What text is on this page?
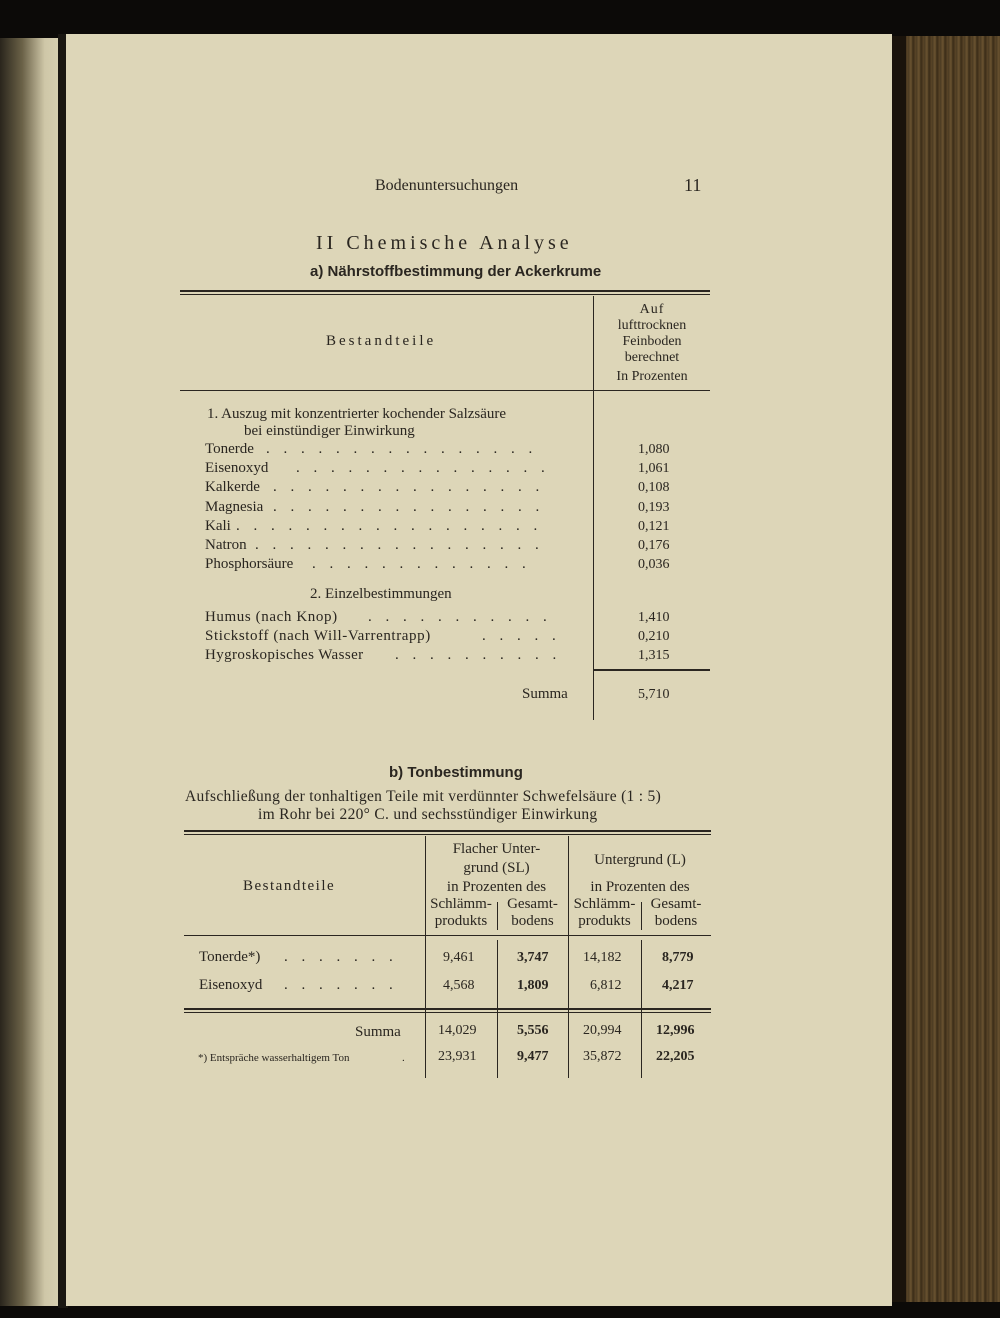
Bodenuntersuchungen	11
II Chemische Analyse
a) Nährstoffbestimmung der Ackerkrume
Bestandteile
Auf
lufttrocknen
Feinboden
berechnet
In Prozenten
1. Auszug mit konzentrierter kochender Salzsäure
bei einstündiger Einwirkung
Tonerde . . . . . . . . . . . . . . . .	1,080
Eisenoxyd . . . . . . . . . . . . . . .	1,061
Kalkerde . . . . . . . . . . . . . . . .	0,108
Magnesia . . . . . . . . . . . . . . . .	0,193
Kali . . . . . . . . . . . . . . . . . .	0,121
Natron . . . . . . . . . . . . . . . . .	0,176
Phosphorsäure . . . . . . . . . . . . .	0,036
2. Einzelbestimmungen
Humus (nach Knop) . . . . . . . . . . .	1,410
Stickstoff (nach Will-Varrentrapp)	. . . . .	0,210
Hygroskopisches Wasser . . . . . . . . . .	1,315
Summa	5,710
b) Tonbestimmung
Aufschließung der tonhaltigen Teile mit verdünnter Schwefelsäure (1 : 5)
im Rohr bei 220° C. und sechsstündiger Einwirkung
Bestandteile
Flacher Unter-
grund (SL)	Untergrund (L)
in Prozenten des	in Prozenten des
Schlämm-
produkts
Gesamt-
bodens
Schlämm-
produkts
Gesamt-
bodens
Tonerde*) . . . . . . .	9,461	3,747 14,182	8,779
Eisenoxyd . . . . . . .	4,568	1,809	6,812	4,217
Summa	14,029	5,556 20,994 12,996
*) Entspräche wasserhaltigem Ton	. 23,931	9,477 35,872 22,205
